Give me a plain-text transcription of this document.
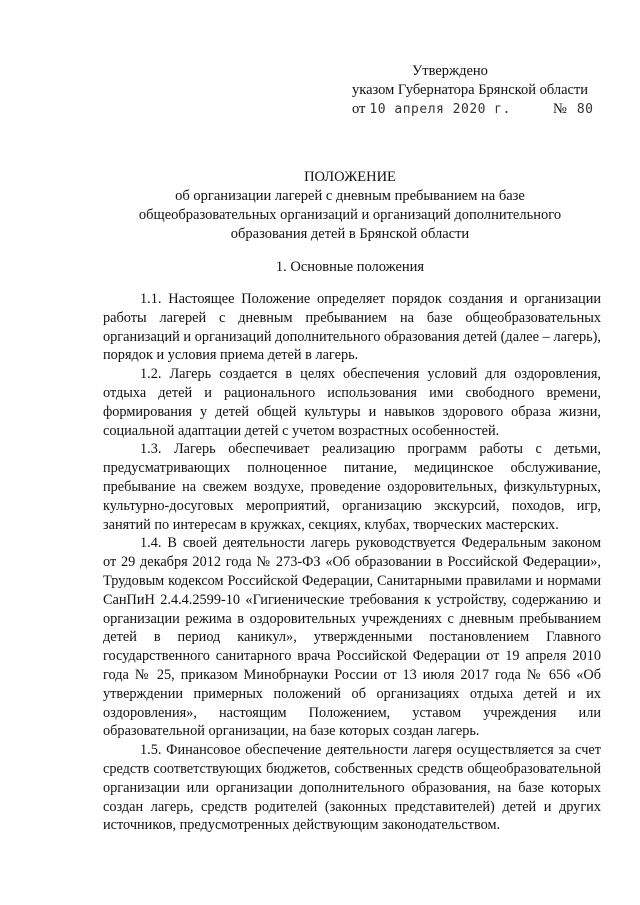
Утверждено
указом Губернатора Брянской области
от 10 апреля 2020 г.	№ 80
ПОЛОЖЕНИЕ
об организации лагерей с дневным пребыванием на базе
общеобразовательных организаций и организаций дополнительного
образования детей в Брянской области
1. Основные положения

1.1. Настоящее Положение определяет порядок создания и организации работы лагерей с дневным пребыванием на базе общеобразовательных организаций и организаций дополнительного образования детей (далее – лагерь), порядок и условия приема детей в лагерь.

1.2. Лагерь создается в целях обеспечения условий для оздоровления, отдыха детей и рационального использования ими свободного времени, формирования у детей общей культуры и навыков здорового образа жизни, социальной адаптации детей с учетом возрастных особенностей.

1.3. Лагерь обеспечивает реализацию программ работы с детьми, предусматривающих полноценное питание, медицинское обслуживание, пребывание на свежем воздухе, проведение оздоровительных, физкультурных, культурно-досуговых мероприятий, организацию экскурсий, походов, игр, занятий по интересам в кружках, секциях, клубах, творческих мастерских.

1.4. В своей деятельности лагерь руководствуется Федеральным законом от 29 декабря 2012 года № 273-ФЗ «Об образовании в Российской Федерации», Трудовым кодексом Российской Федерации, Санитарными правилами и нормами СанПиН 2.4.4.2599-10 «Гигиенические требования к устройству, содержанию и организации режима в оздоровительных учреждениях с дневным пребыванием детей в период каникул», утвержденными постановлением Главного государственного санитарного врача Российской Федерации от 19 апреля 2010 года № 25, приказом Минобрнауки России от 13 июля 2017 года № 656 «Об утверждении примерных положений об организациях отдыха детей и их оздоровления», настоящим Положением, уставом учреждения или образовательной организации, на базе которых создан лагерь.

1.5. Финансовое обеспечение деятельности лагеря осуществляется за счет средств соответствующих бюджетов, собственных средств общеобразовательной организации или организации дополнительного образования, на базе которых создан лагерь, средств родителей (законных представителей) детей и других источников, предусмотренных действующим законодательством.
